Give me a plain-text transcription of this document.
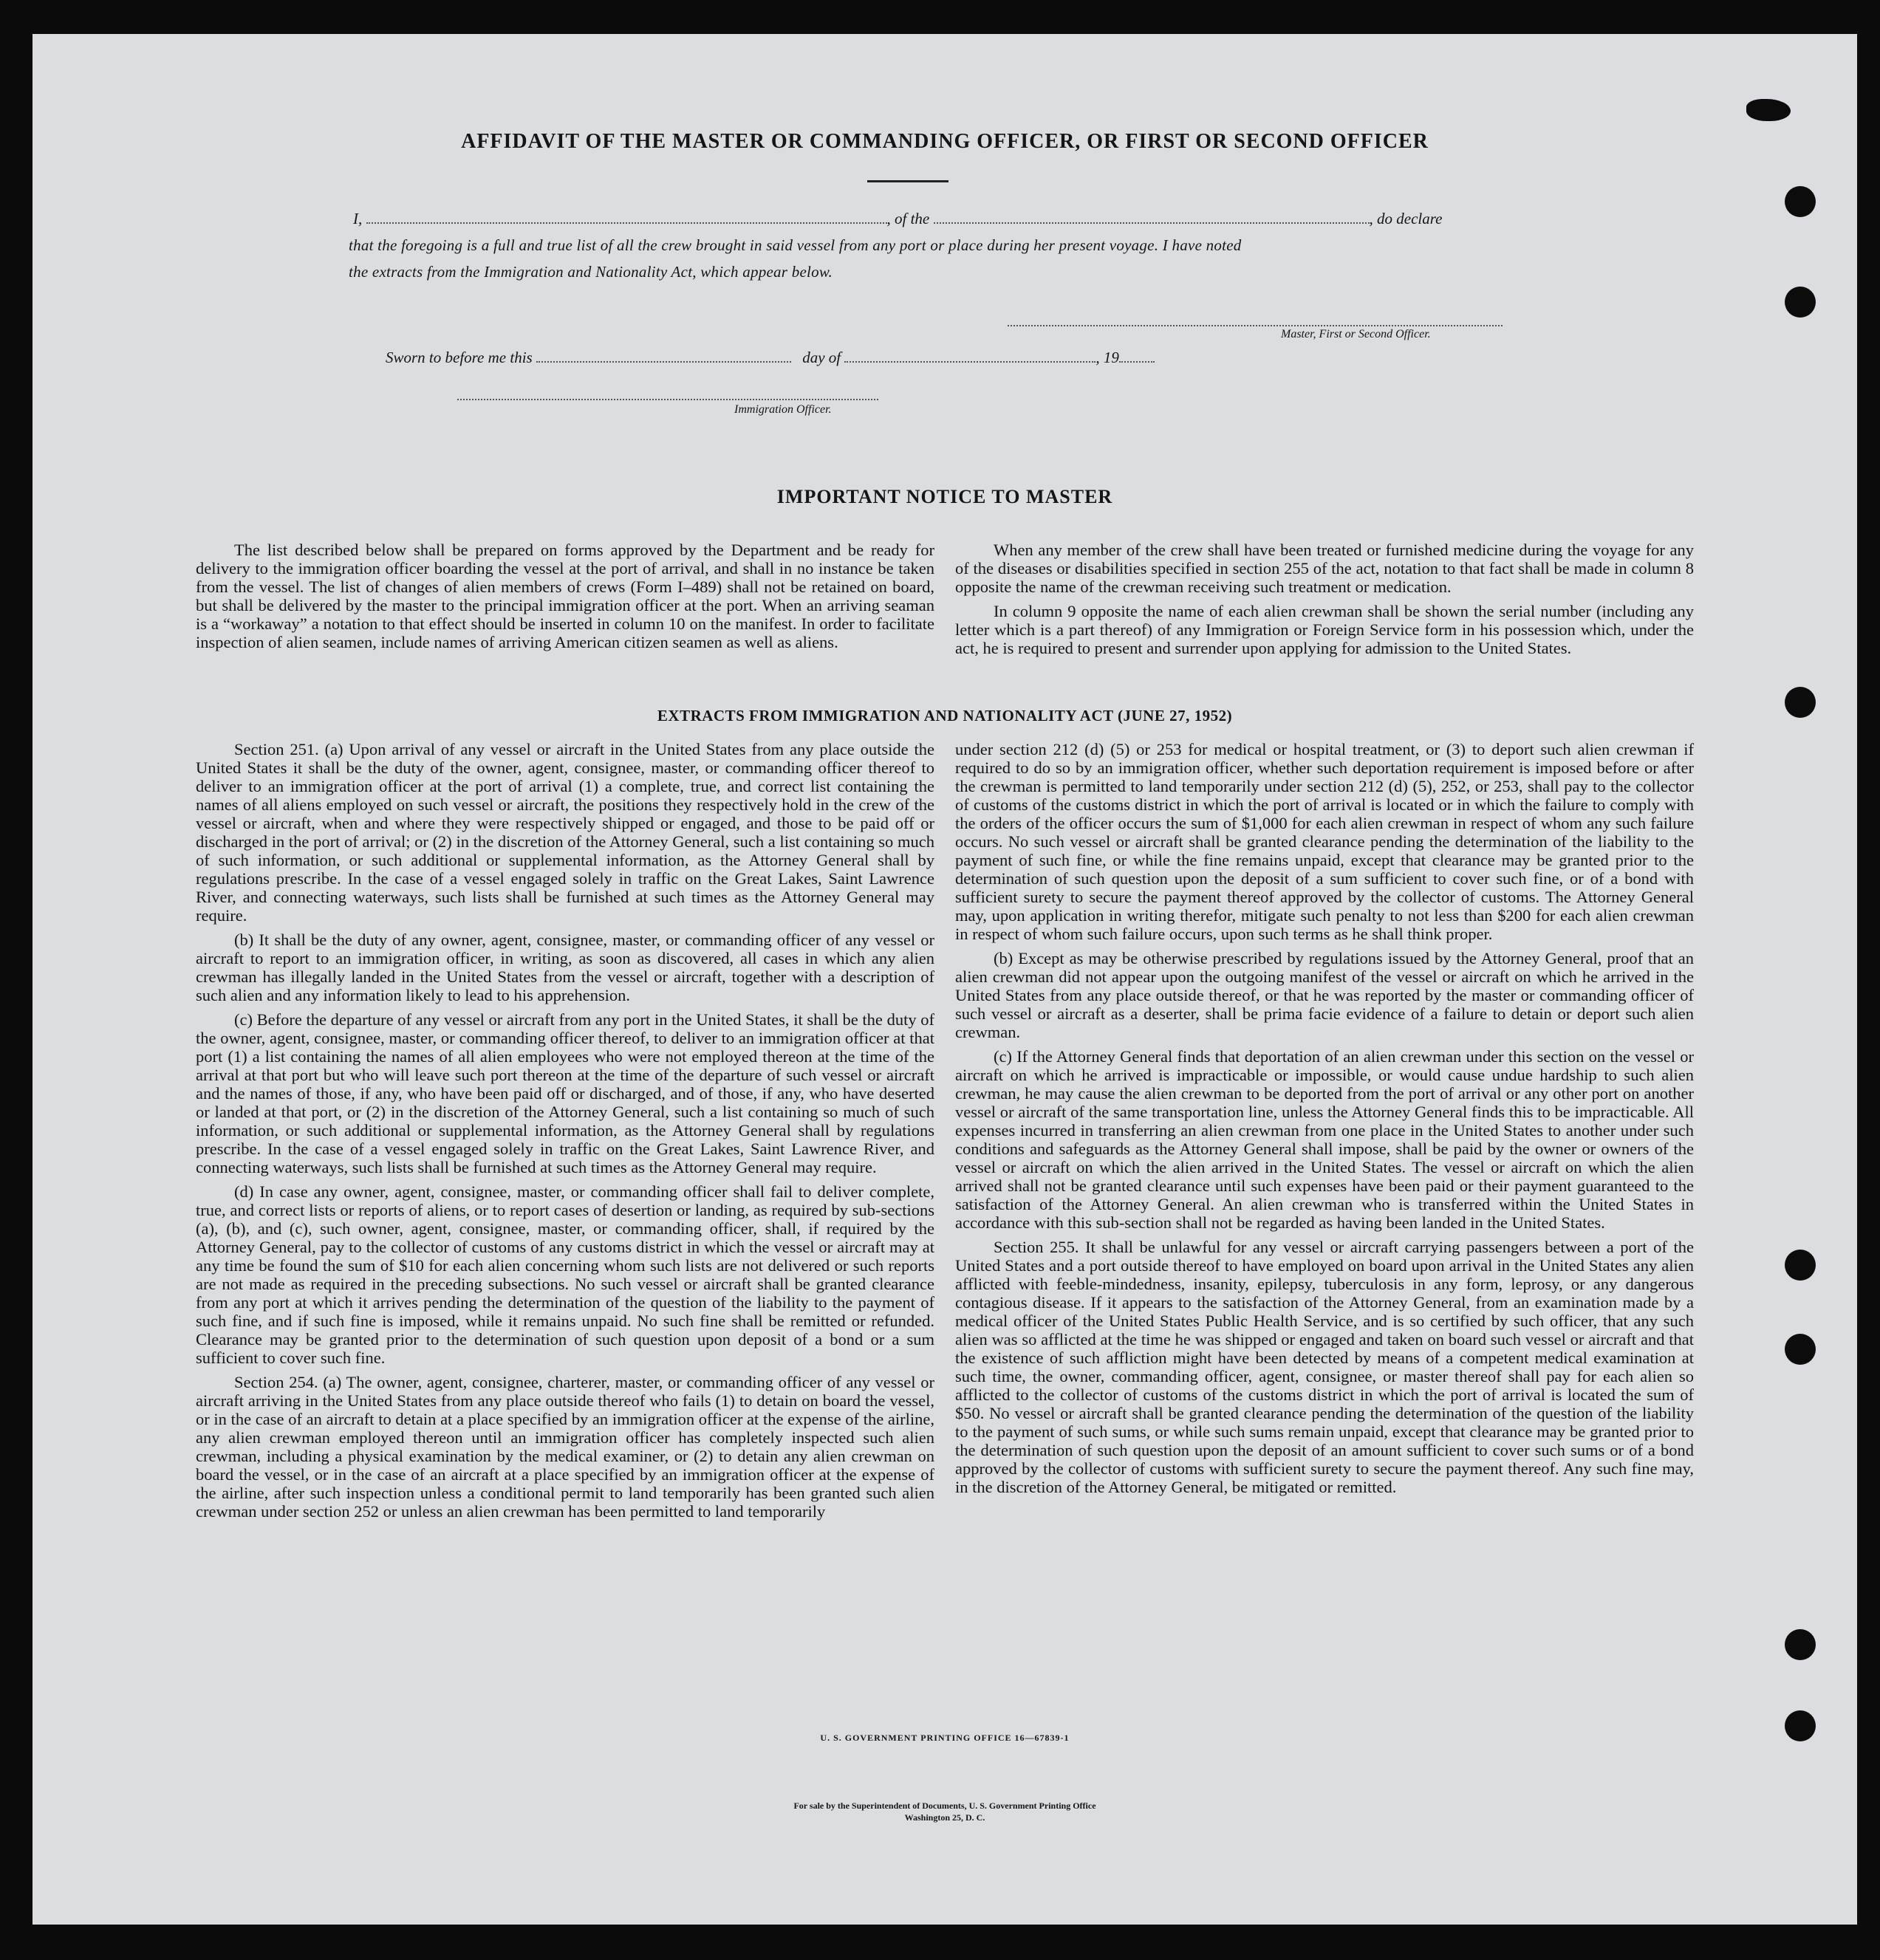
AFFIDAVIT OF THE MASTER OR COMMANDING OFFICER, OR FIRST OR SECOND OFFICER
I,	, of the	, do declare
that the foregoing is a full and true list of all the crew brought in said vessel from any port or place during her present voyage. I have noted
the extracts from the Immigration and Nationality Act, which appear below.
Master, First or Second Officer.
Sworn to before me this	day of	, 19
Immigration Officer.
IMPORTANT NOTICE TO MASTER

The list described below shall be prepared on forms approved by the Department and be ready for delivery to the immigration officer boarding the vessel at the port of arrival, and shall in no instance be taken from the vessel. The list of changes of alien members of crews (Form I–489) shall not be retained on board, but shall be delivered by the master to the principal immigration officer at the port. When an arriving seaman is a “workaway” a notation to that effect should be inserted in column 10 on the manifest. In order to facilitate inspection of alien seamen, include names of arriving American citizen seamen as well as aliens.

When any member of the crew shall have been treated or furnished medicine during the voyage for any of the diseases or disabilities specified in section 255 of the act, notation to that fact shall be made in column 8 opposite the name of the crewman receiving such treatment or medication.

In column 9 opposite the name of each alien crewman shall be shown the serial number (including any letter which is a part thereof) of any Immigration or Foreign Service form in his possession which, under the act, he is required to present and surrender upon applying for admission to the United States.

EXTRACTS FROM IMMIGRATION AND NATIONALITY ACT (JUNE 27, 1952)

Section 251. (a) Upon arrival of any vessel or aircraft in the United States from any place outside the United States it shall be the duty of the owner, agent, consignee, master, or commanding officer thereof to deliver to an immigration officer at the port of arrival (1) a complete, true, and correct list containing the names of all aliens employed on such vessel or aircraft, the positions they respectively hold in the crew of the vessel or aircraft, when and where they were respectively shipped or engaged, and those to be paid off or discharged in the port of arrival; or (2) in the discretion of the Attorney General, such a list containing so much of such information, or such additional or supplemental information, as the Attorney General shall by regulations prescribe. In the case of a vessel engaged solely in traffic on the Great Lakes, Saint Lawrence River, and connecting waterways, such lists shall be furnished at such times as the Attorney General may require.

(b) It shall be the duty of any owner, agent, consignee, master, or commanding officer of any vessel or aircraft to report to an immigration officer, in writing, as soon as discovered, all cases in which any alien crewman has illegally landed in the United States from the vessel or aircraft, together with a description of such alien and any information likely to lead to his apprehension.

(c) Before the departure of any vessel or aircraft from any port in the United States, it shall be the duty of the owner, agent, consignee, master, or commanding officer thereof, to deliver to an immigration officer at that port (1) a list containing the names of all alien employees who were not employed thereon at the time of the arrival at that port but who will leave such port thereon at the time of the departure of such vessel or aircraft and the names of those, if any, who have been paid off or discharged, and of those, if any, who have deserted or landed at that port, or (2) in the discretion of the Attorney General, such a list containing so much of such information, or such additional or supplemental information, as the Attorney General shall by regulations prescribe. In the case of a vessel engaged solely in traffic on the Great Lakes, Saint Lawrence River, and connecting waterways, such lists shall be furnished at such times as the Attorney General may require.

(d) In case any owner, agent, consignee, master, or commanding officer shall fail to deliver complete, true, and correct lists or reports of aliens, or to report cases of desertion or landing, as required by sub-sections (a), (b), and (c), such owner, agent, consignee, master, or commanding officer, shall, if required by the Attorney General, pay to the collector of customs of any customs district in which the vessel or aircraft may at any time be found the sum of $10 for each alien concerning whom such lists are not delivered or such reports are not made as required in the preceding subsections. No such vessel or aircraft shall be granted clearance from any port at which it arrives pending the determination of the question of the liability to the payment of such fine, and if such fine is imposed, while it remains unpaid. No such fine shall be remitted or refunded. Clearance may be granted prior to the determination of such question upon deposit of a bond or a sum sufficient to cover such fine.

Section 254. (a) The owner, agent, consignee, charterer, master, or commanding officer of any vessel or aircraft arriving in the United States from any place outside thereof who fails (1) to detain on board the vessel, or in the case of an aircraft to detain at a place specified by an immigration officer at the expense of the airline, any alien crewman employed thereon until an immigration officer has completely inspected such alien crewman, including a physical examination by the medical examiner, or (2) to detain any alien crewman on board the vessel, or in the case of an aircraft at a place specified by an immigration officer at the expense of the airline, after such inspection unless a conditional permit to land temporarily has been granted such alien crewman under section 252 or unless an alien crewman has been permitted to land temporarily

under section 212 (d) (5) or 253 for medical or hospital treatment, or (3) to deport such alien crewman if required to do so by an immigration officer, whether such deportation requirement is imposed before or after the crewman is permitted to land temporarily under section 212 (d) (5), 252, or 253, shall pay to the collector of customs of the customs district in which the port of arrival is located or in which the failure to comply with the orders of the officer occurs the sum of $1,000 for each alien crewman in respect of whom any such failure occurs. No such vessel or aircraft shall be granted clearance pending the determination of the liability to the payment of such fine, or while the fine remains unpaid, except that clearance may be granted prior to the determination of such question upon the deposit of a sum sufficient to cover such fine, or of a bond with sufficient surety to secure the payment thereof approved by the collector of customs. The Attorney General may, upon application in writing therefor, mitigate such penalty to not less than $200 for each alien crewman in respect of whom such failure occurs, upon such terms as he shall think proper.

(b) Except as may be otherwise prescribed by regulations issued by the Attorney General, proof that an alien crewman did not appear upon the outgoing manifest of the vessel or aircraft on which he arrived in the United States from any place outside thereof, or that he was reported by the master or commanding officer of such vessel or aircraft as a deserter, shall be prima facie evidence of a failure to detain or deport such alien crewman.

(c) If the Attorney General finds that deportation of an alien crewman under this section on the vessel or aircraft on which he arrived is impracticable or impossible, or would cause undue hardship to such alien crewman, he may cause the alien crewman to be deported from the port of arrival or any other port on another vessel or aircraft of the same transportation line, unless the Attorney General finds this to be impracticable. All expenses incurred in transferring an alien crewman from one place in the United States to another under such conditions and safeguards as the Attorney General shall impose, shall be paid by the owner or owners of the vessel or aircraft on which the alien arrived in the United States. The vessel or aircraft on which the alien arrived shall not be granted clearance until such expenses have been paid or their payment guaranteed to the satisfaction of the Attorney General. An alien crewman who is transferred within the United States in accordance with this sub-section shall not be regarded as having been landed in the United States.

Section 255. It shall be unlawful for any vessel or aircraft carrying passengers between a port of the United States and a port outside thereof to have employed on board upon arrival in the United States any alien afflicted with feeble-mindedness, insanity, epilepsy, tuberculosis in any form, leprosy, or any dangerous contagious disease. If it appears to the satisfaction of the Attorney General, from an examination made by a medical officer of the United States Public Health Service, and is so certified by such officer, that any such alien was so afflicted at the time he was shipped or engaged and taken on board such vessel or aircraft and that the existence of such affliction might have been detected by means of a competent medical examination at such time, the owner, commanding officer, agent, consignee, or master thereof shall pay for each alien so afflicted to the collector of customs of the customs district in which the port of arrival is located the sum of $50. No vessel or aircraft shall be granted clearance pending the determination of the question of the liability to the payment of such sums, or while such sums remain unpaid, except that clearance may be granted prior to the determination of such question upon the deposit of an amount sufficient to cover such sums or of a bond approved by the collector of customs with sufficient surety to secure the payment thereof. Any such fine may, in the discretion of the Attorney General, be mitigated or remitted.

U. S. GOVERNMENT PRINTING OFFICE 16—67839-1
For sale by the Superintendent of Documents, U. S. Government Printing Office
Washington 25, D. C.
